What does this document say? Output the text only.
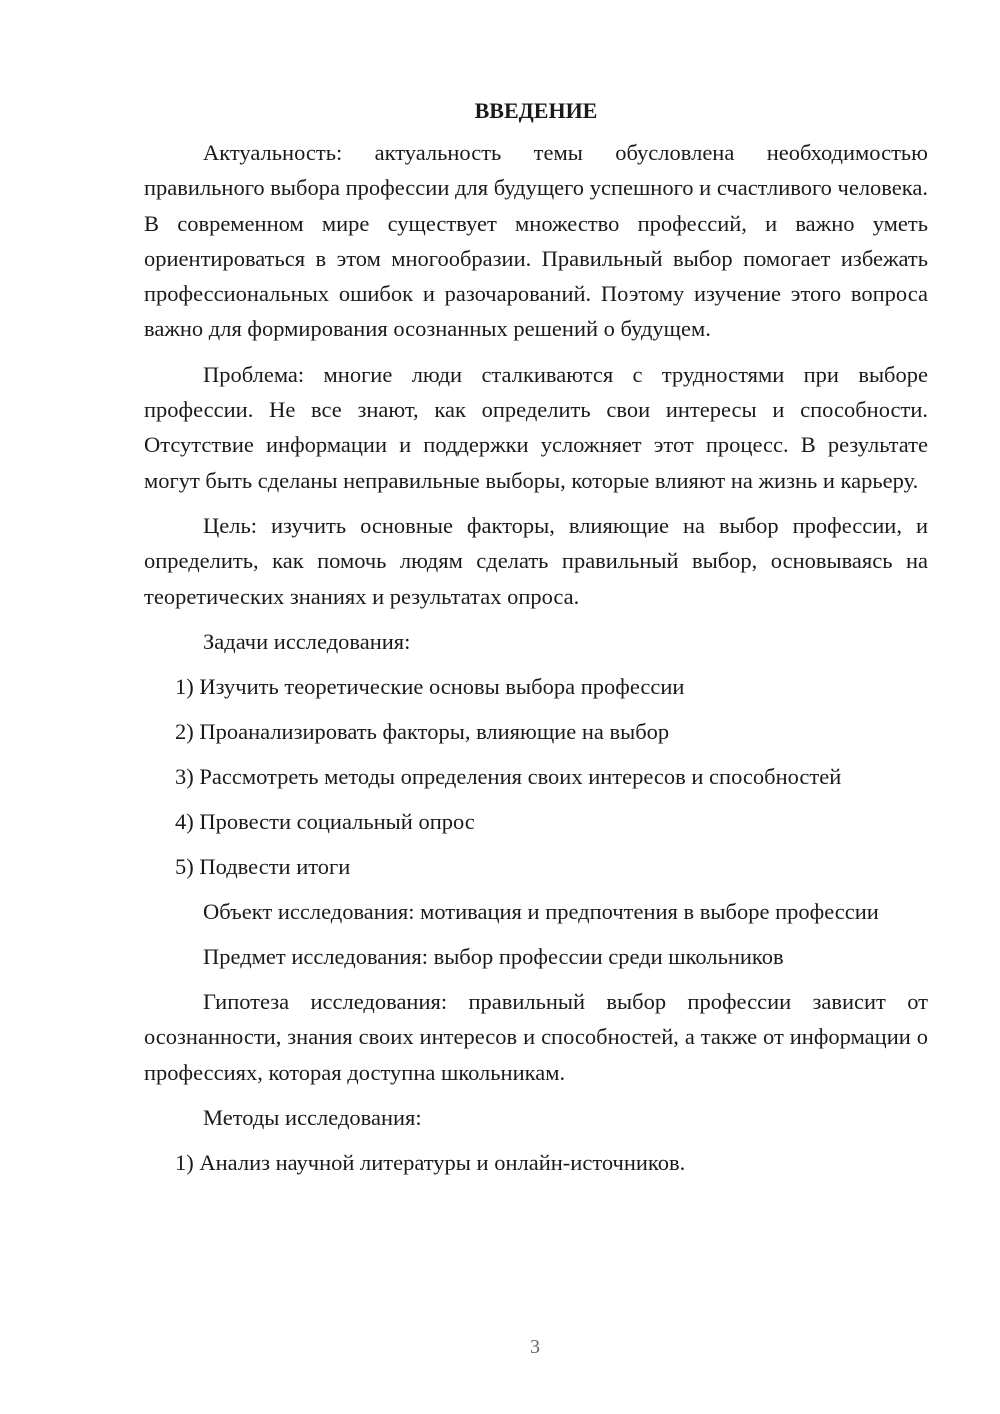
ВВЕДЕНИЕ

Актуальность: актуальность темы обусловлена необходимостью правильного выбора профессии для будущего успешного и счастливого человека. В современном мире существует множество профессий, и важно уметь ориентироваться в этом многообразии. Правильный выбор помогает избежать профессиональных ошибок и разочарований. Поэтому изучение этого вопроса важно для формирования осознанных решений о будущем.

Проблема: многие люди сталкиваются с трудностями при выборе профессии. Не все знают, как определить свои интересы и способности. Отсутствие информации и поддержки усложняет этот процесс. В результате могут быть сделаны неправильные выборы, которые влияют на жизнь и карьеру.

Цель: изучить основные факторы, влияющие на выбор профессии, и определить, как помочь людям сделать правильный выбор, основываясь на теоретических знаниях и результатах опроса.

Задачи исследования:

1) Изучить теоретические основы выбора профессии

2) Проанализировать факторы, влияющие на выбор

3) Рассмотреть методы определения своих интересов и способностей

4) Провести социальный опрос

5) Подвести итоги

Объект исследования: мотивация и предпочтения в выборе профессии

Предмет исследования: выбор профессии среди школьников

Гипотеза исследования: правильный выбор профессии зависит от осознанности, знания своих интересов и способностей, а также от информации о профессиях, которая доступна школьникам.

Методы исследования:

1) Анализ научной литературы и онлайн-источников.

3
